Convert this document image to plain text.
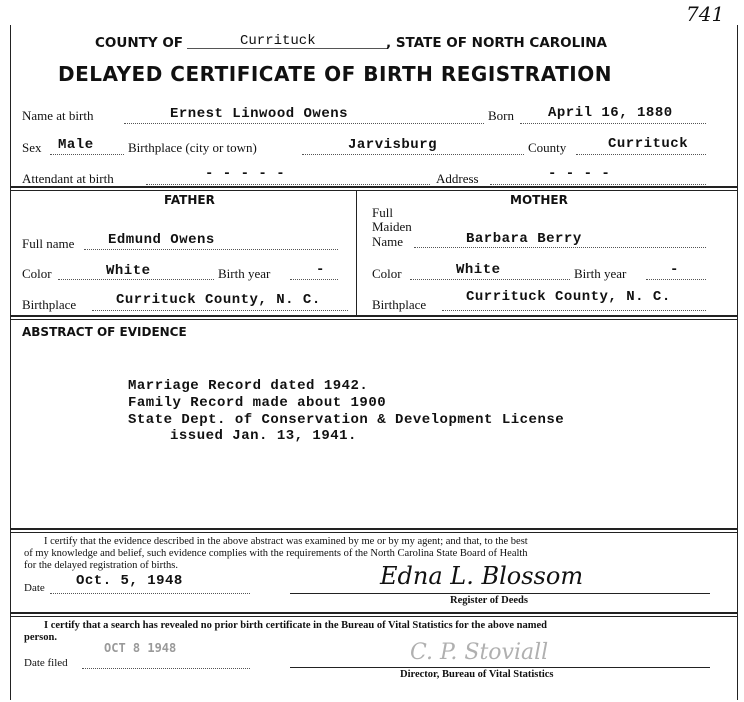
741
COUNTY OF	Currituck	, STATE OF NORTH CAROLINA
DELAYED CERTIFICATE OF BIRTH REGISTRATION
Name at birth	Ernest Linwood Owens	Born April 16, 1880
Sex Male	Birthplace (city or town)	Jarvisburg	County	Currituck
Attendant at birth	- - - - -	Address	- - - -
FATHER
Full name Edmund Owens
Color	White	Birth year	-
Birthplace	Currituck County, N. C.
MOTHER
Full
Maiden
Name	Barbara Berry
Color	White	Birth year	-
Birthplace	Currituck County, N. C.
ABSTRACT OF EVIDENCE
Marriage Record dated 1942.
Family Record made about 1900
State Dept. of Conservation & Development License
issued Jan. 13, 1941.
I certify that the evidence described in the above abstract was examined by me or by my agent; and that, to the best
of my knowledge and belief, such evidence complies with the requirements of the North Carolina State Board of Health
for the delayed registration of births.
Date Oct. 5, 1948	Edna L. Blossom
Register of Deeds
I certify that a search has revealed no prior birth certificate in the Bureau of Vital Statistics for the above named
person.
Date filed
OCT 8 1948	C. P. Stoviall
Director, Bureau of Vital Statistics
